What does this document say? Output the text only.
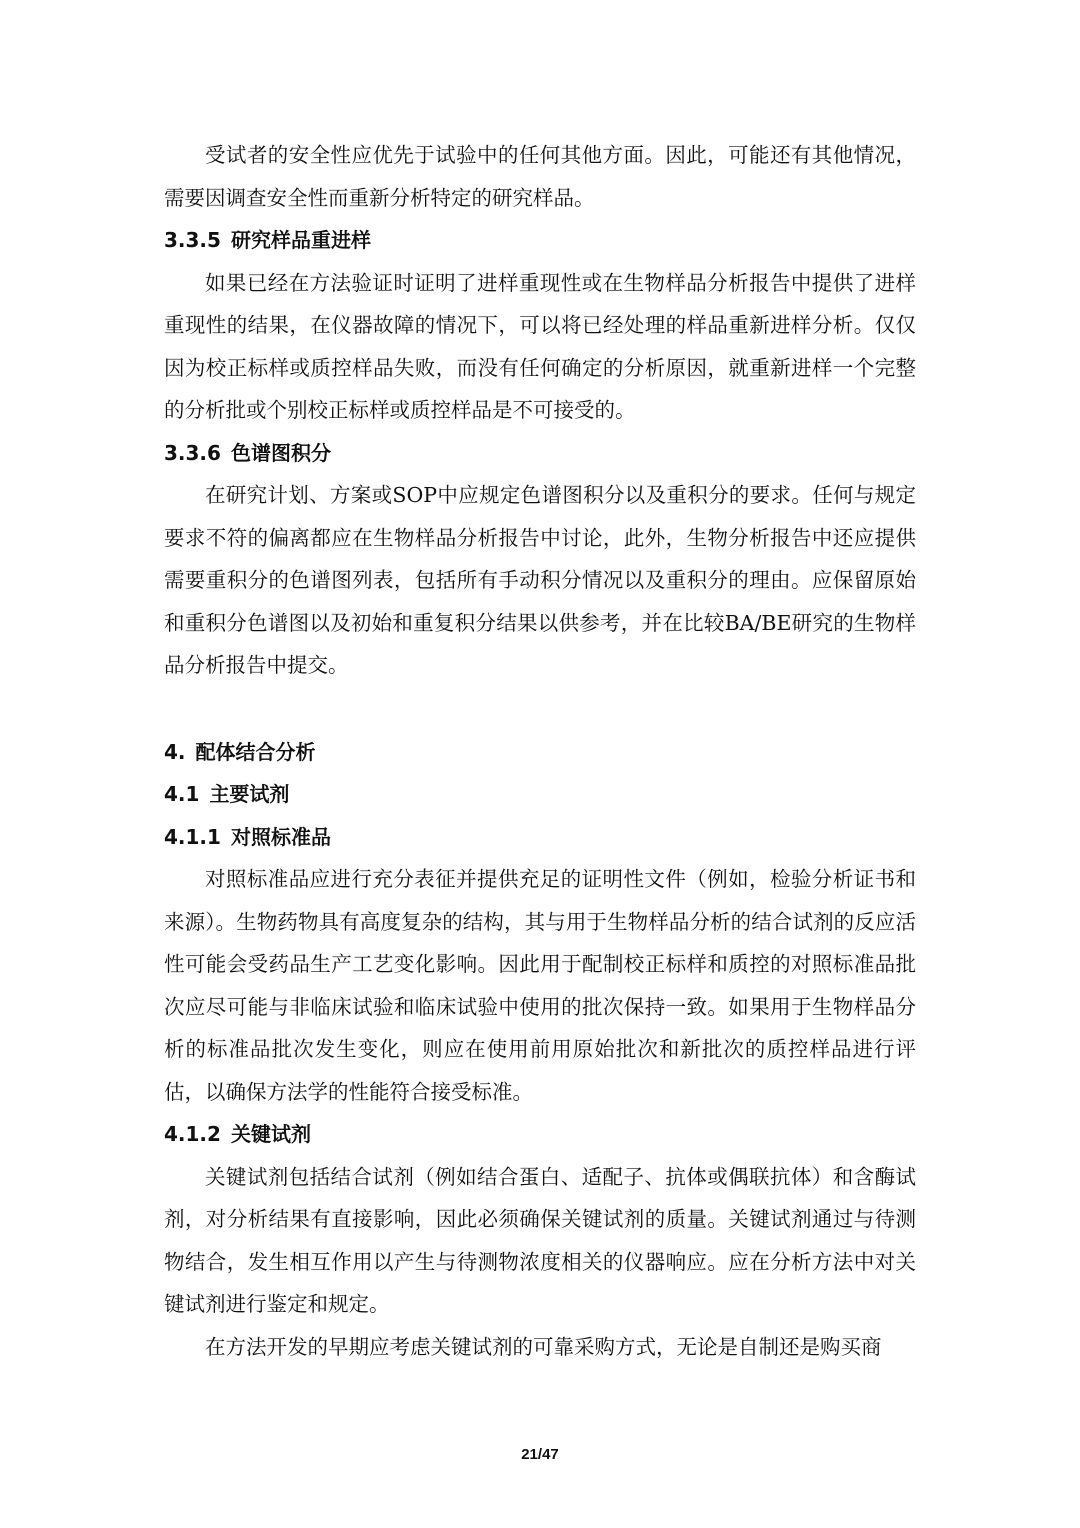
受试者的安全性应优先于试验中的任何其他方面。因此，可能还有其他情况，需要因调查安全性而重新分析特定的研究样品。

3.3.5 研究样品重进样

如果已经在方法验证时证明了进样重现性或在生物样品分析报告中提供了进样重现性的结果，在仪器故障的情况下，可以将已经处理的样品重新进样分析。仅仅因为校正标样或质控样品失败，而没有任何确定的分析原因，就重新进样一个完整的分析批或个别校正标样或质控样品是不可接受的。

3.3.6 色谱图积分

在研究计划、方案或SOP中应规定色谱图积分以及重积分的要求。任何与规定要求不符的偏离都应在生物样品分析报告中讨论，此外，生物分析报告中还应提供需要重积分的色谱图列表，包括所有手动积分情况以及重积分的理由。应保留原始和重积分色谱图以及初始和重复积分结果以供参考，并在比较BA/BE研究的生物样品分析报告中提交。

4. 配体结合分析
4.1 主要试剂
4.1.1 对照标准品

对照标准品应进行充分表征并提供充足的证明性文件（例如，检验分析证书和来源）。生物药物具有高度复杂的结构，其与用于生物样品分析的结合试剂的反应活性可能会受药品生产工艺变化影响。因此用于配制校正标样和质控的对照标准品批次应尽可能与非临床试验和临床试验中使用的批次保持一致。如果用于生物样品分析的标准品批次发生变化，则应在使用前用原始批次和新批次的质控样品进行评估，以确保方法学的性能符合接受标准。

4.1.2 关键试剂

关键试剂包括结合试剂（例如结合蛋白、适配子、抗体或偶联抗体）和含酶试剂，对分析结果有直接影响，因此必须确保关键试剂的质量。关键试剂通过与待测物结合，发生相互作用以产生与待测物浓度相关的仪器响应。应在分析方法中对关键试剂进行鉴定和规定。

在方法开发的早期应考虑关键试剂的可靠采购方式，无论是自制还是购买商

21/47
